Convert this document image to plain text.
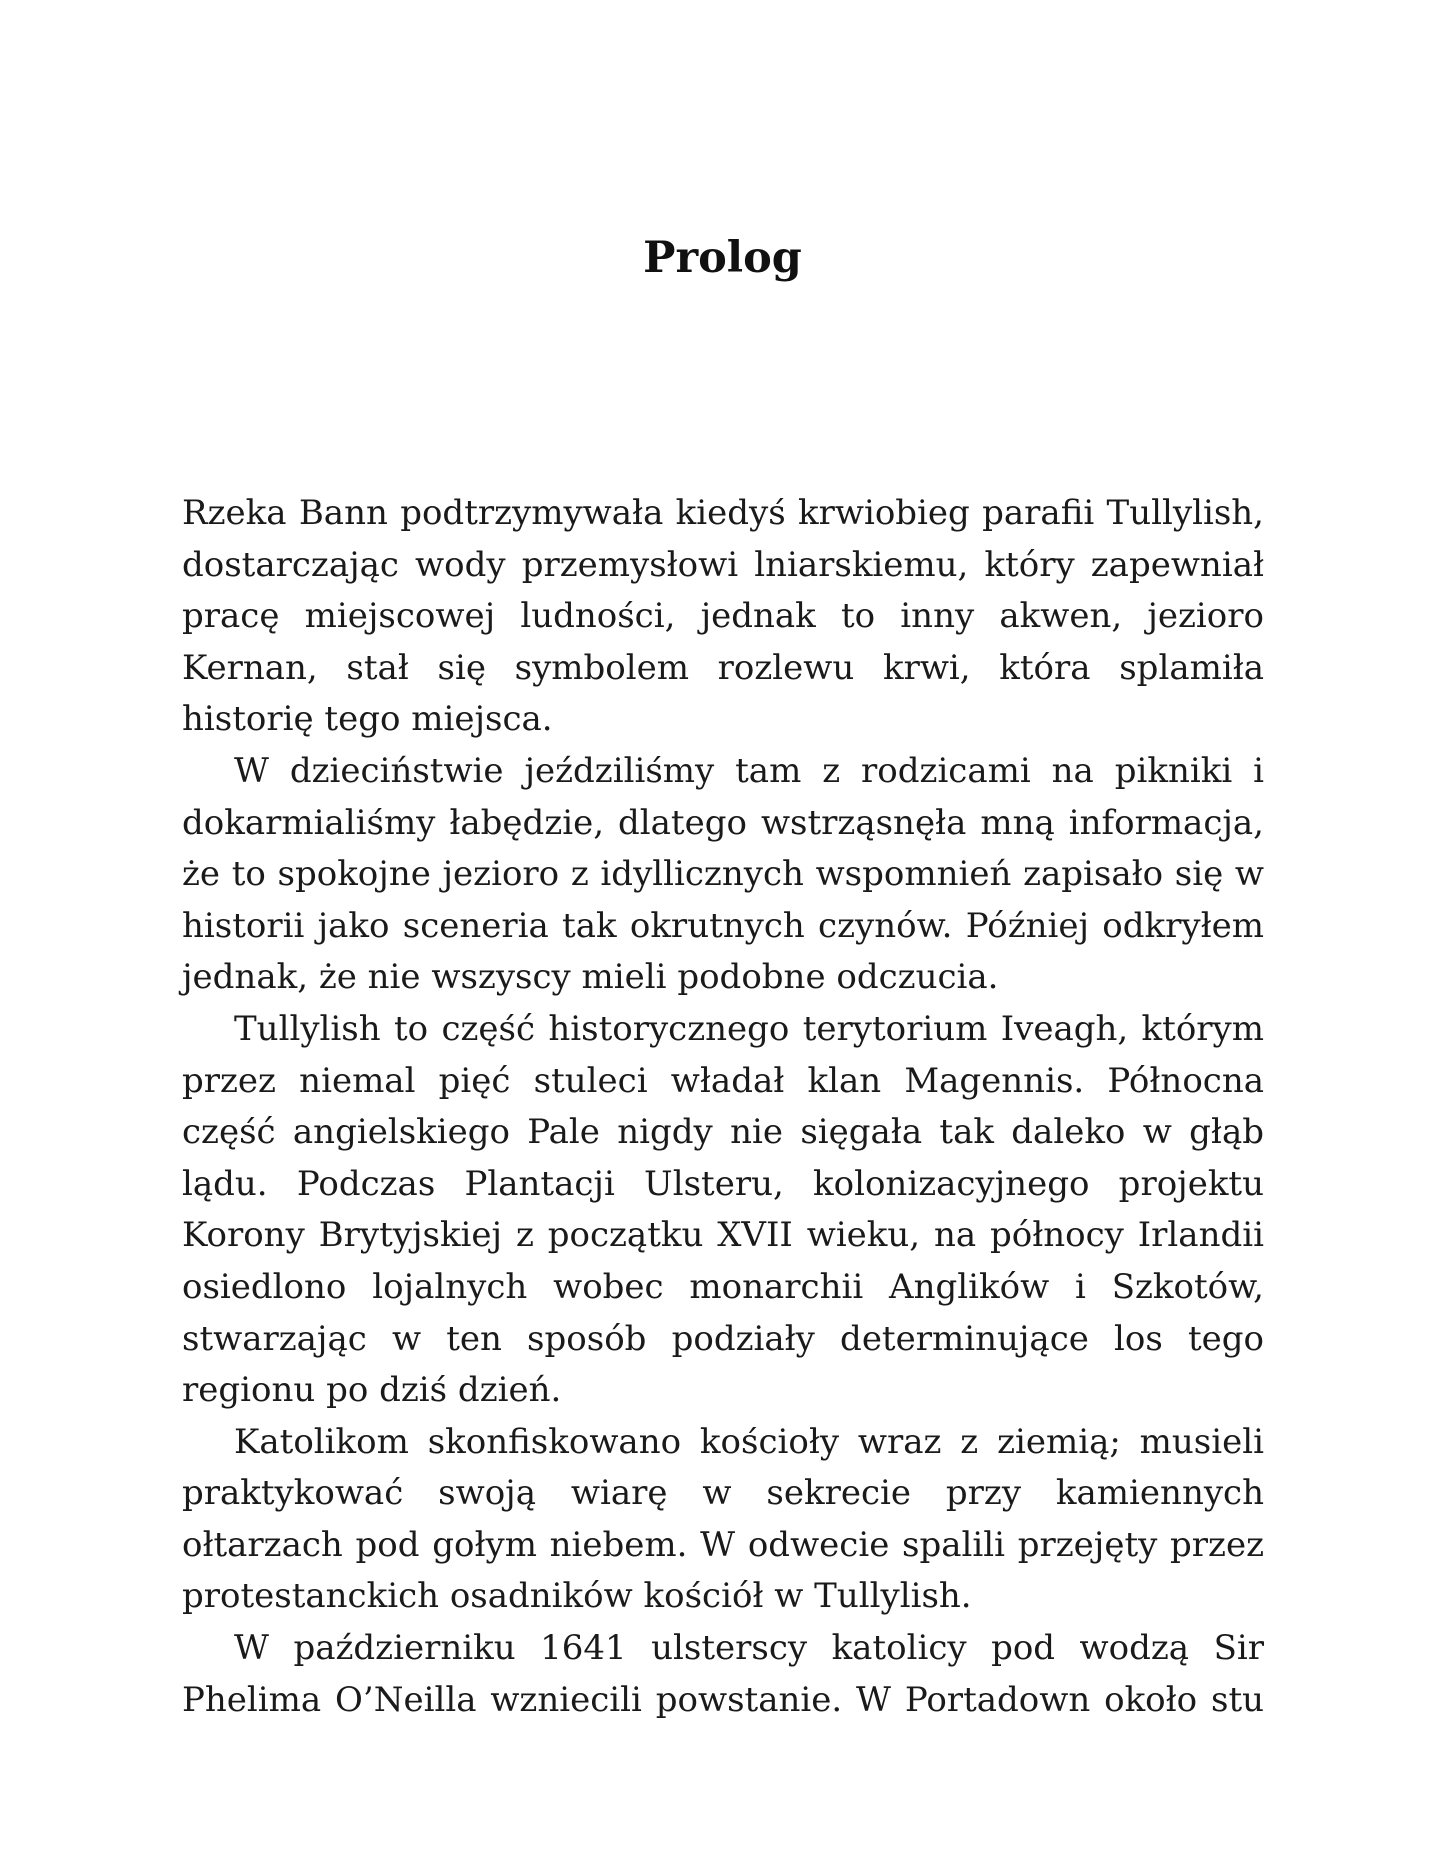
Prolog

Rzeka Bann podtrzymywała kiedyś krwiobieg parafii Tullylish, dostarczając wody przemysłowi lniarskiemu, który zapewniał pracę miejscowej ludności, jednak to inny akwen, jezioro Kernan, stał się symbolem rozlewu krwi, która splamiła historię tego miejsca.

W dzieciństwie jeździliśmy tam z rodzicami na pikniki i dokarmialiśmy łabędzie, dlatego wstrząsnęła mną informacja, że to spokojne jezioro z idyllicznych wspomnień zapisało się w historii jako sceneria tak okrutnych czynów. Później odkryłem jednak, że nie wszyscy mieli podobne odczucia.

Tullylish to część historycznego terytorium Iveagh, którym przez niemal pięć stuleci władał klan Magennis. Północna część angielskiego Pale nigdy nie sięgała tak daleko w głąb lądu. Podczas Plantacji Ulsteru, kolonizacyjnego projektu Korony Brytyjskiej z początku XVII wieku, na północy Irlandii osiedlono lojalnych wobec monarchii Anglików i Szkotów, stwarzając w ten sposób podziały determinujące los tego regionu po dziś dzień.

Katolikom skonfiskowano kościoły wraz z ziemią; musieli praktykować swoją wiarę w sekrecie przy kamiennych ołtarzach pod gołym niebem. W odwecie spalili przejęty przez protestanckich osadników kościół w Tullylish.

W październiku 1641 ulsterscy katolicy pod wodzą Sir Phelima O’Neilla wzniecili powstanie. W Portadown około stu
